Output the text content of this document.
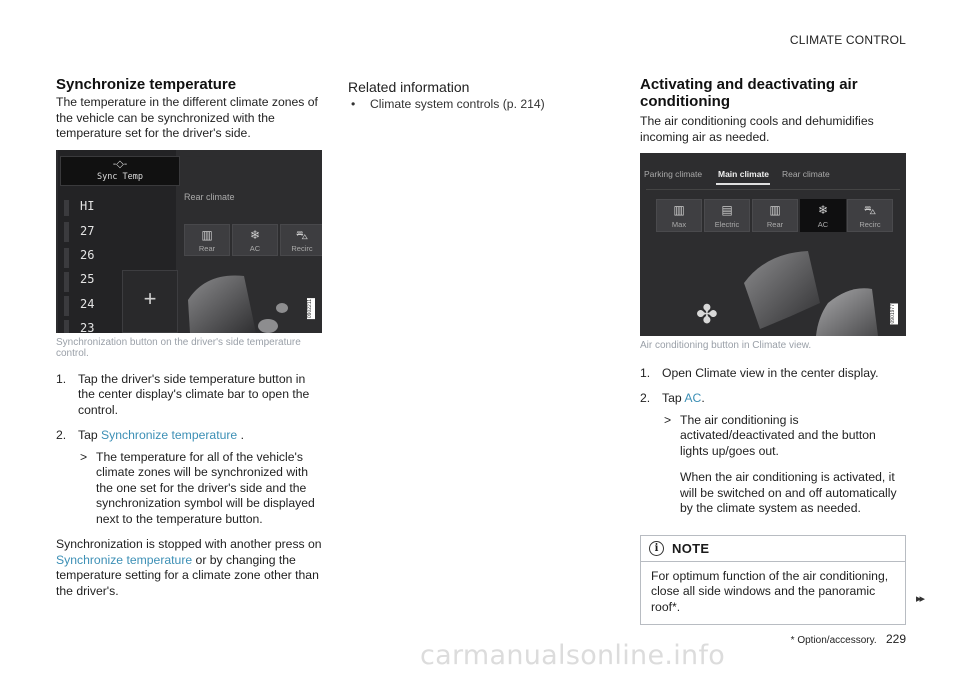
CLIMATE CONTROL
Synchronize temperature

The temperature in the different climate zones of the vehicle can be synchronized with the temperature set for the driver's side.

-◇-
Sync Temp
HI
27
26
25
24
23
+
Rear climate
▥
Rear
❄
AC
⛍
Recirc
0902211
Synchronization button on the driver's side temperature control.
1. Tap the driver's side temperature button in the center display's climate bar to open the control.
2. Tap Synchronize temperature .
> The temperature for all of the vehicle's climate zones will be synchronized with the one set for the driver's side and the synchronization symbol will be displayed next to the temperature button.

Synchronization is stopped with another press on Synchronize temperature or by changing the temperature setting for a climate zone other than the driver's.

Related information
• Climate system controls (p. 214)
Activating and deactivating air conditioning

The air conditioning cools and dehumidifies incoming air as needed.

Parking climate Main climate Rear climate
▥
Max
▤
Electric
▥
Rear
❄
AC
⛍
Recirc
✤	0901977
Air conditioning button in Climate view.
1. Open Climate view in the center display.
2. Tap AC.
> The air conditioning is activated/deactivated and the button lights up/goes out.

When the air conditioning is activated, it will be switched on and off automatically by the climate system as needed.

i	NOTE
For optimum function of the air conditioning, close all side windows and the panoramic roof*.
▸▸
* Option/accessory. 229
carmanualsonline.info
